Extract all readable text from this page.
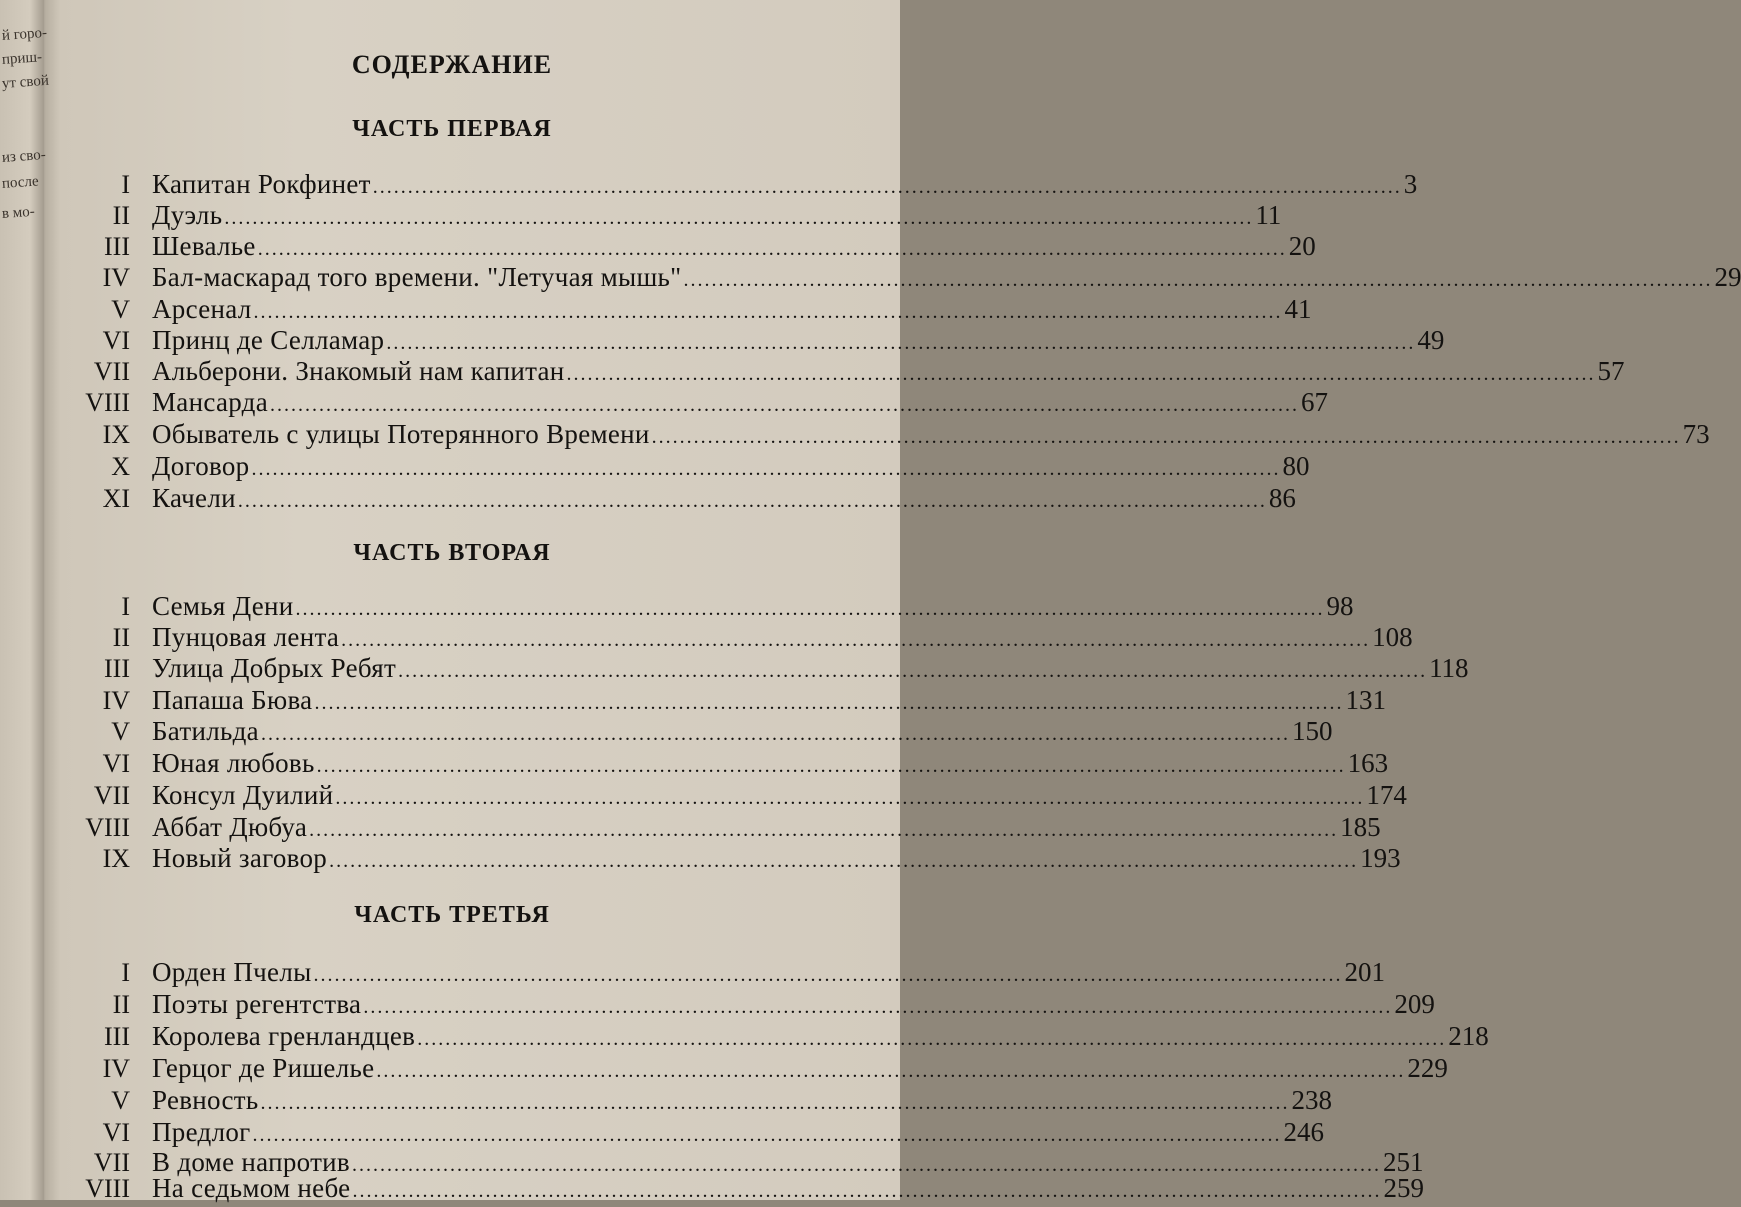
й горо-
приш-
ут свой
из сво-
после
в мо-
СОДЕРЖАНИЕ
ЧАСТЬ ПЕРВАЯ
I Капитан Рокфинет .....	3
II Дуэль .....	11
III Шевалье .....	20
IV Бал-маскарад того времени. "Летучая мышь" .....	29
V Арсенал .....	41
VI Принц де Селламар .....	49
VII Альберони. Знакомый нам капитан .....	57
VIII Мансарда .....	67
IX Обыватель с улицы Потерянного Времени .....	73
X Договор .....	80
XI Качели .....	86
ЧАСТЬ ВТОРАЯ
I Семья Дени .....	98
II Пунцовая лента .....	108
III Улица Добрых Ребят .....	118
IV Папаша Бюва .....	131
V Батильда .....	150
VI Юная любовь .....	163
VII Консул Дуилий .....	174
VIII Аббат Дюбуа .....	185
IX Новый заговор .....	193
ЧАСТЬ ТРЕТЬЯ
I Орден Пчелы .....	201
II Поэты регентства .....	209
III Королева гренландцев .....	218
IV Герцог де Ришелье .....	229
V Ревность .....	238
VI Предлог .....	246
VII В доме напротив .....	251
VIII На седьмом небе .....	259
